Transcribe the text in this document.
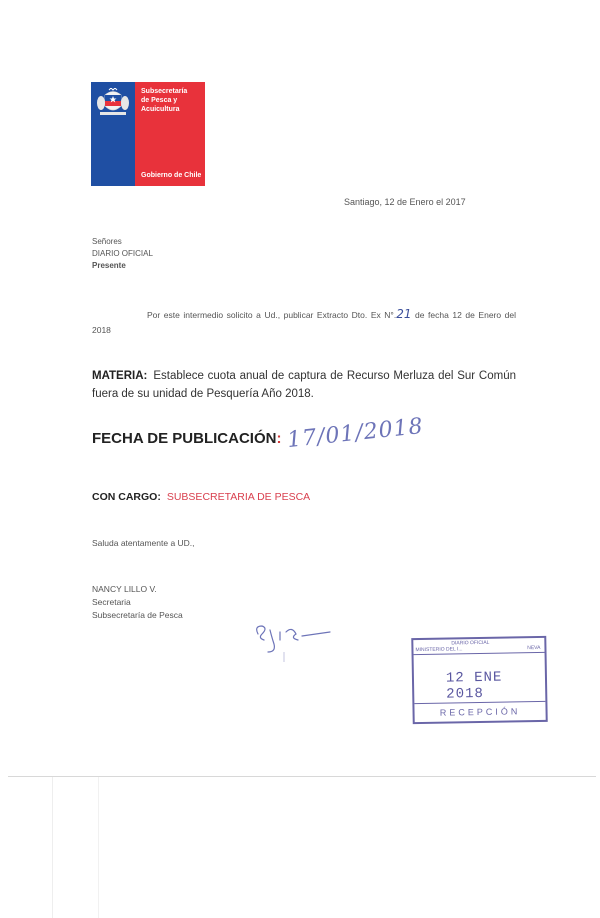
Subsecretaría
de Pesca y
Acuicultura
Gobierno de Chile
Santiago, 12 de Enero el 2017
Señores
DIARIO OFICIAL
Presente
Por este intermedio solicito a Ud., publicar Extracto Dto. Ex N°.21 de fecha 12 de Enero del 2018
MATERIA: Establece cuota anual de captura de Recurso Merluza del Sur Común fuera de su unidad de Pesquería Año 2018.
FECHA DE PUBLICACIÓN: 17/01/2018
CON CARGO: SUBSECRETARIA DE PESCA
Saluda atentamente a UD.,
NANCY LILLO V.
Secretaria
Subsecretaría de Pesca
DIARIO OFICIAL
MINISTERIO DEL I...	NEVA
12 ENE 2018
RECEPCIÓN
